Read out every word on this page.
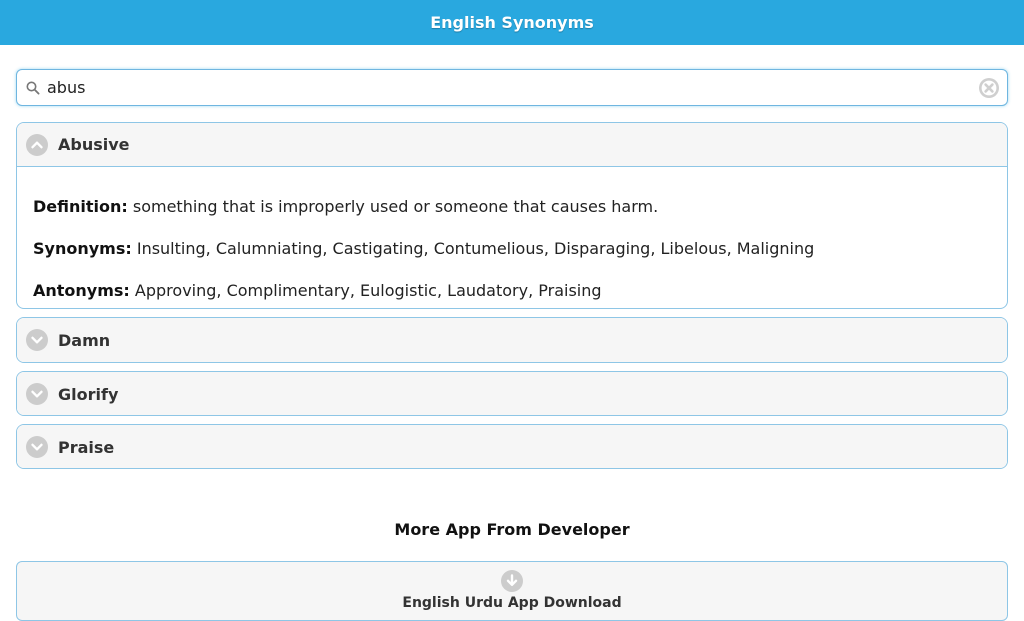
English Synonyms
abus
Abusive
Definition: something that is improperly used or someone that causes harm.
Synonyms: Insulting, Calumniating, Castigating, Contumelious, Disparaging, Libelous, Maligning
Antonyms: Approving, Complimentary, Eulogistic, Laudatory, Praising
Damn
Glorify
Praise
More App From Developer
English Urdu App Download
